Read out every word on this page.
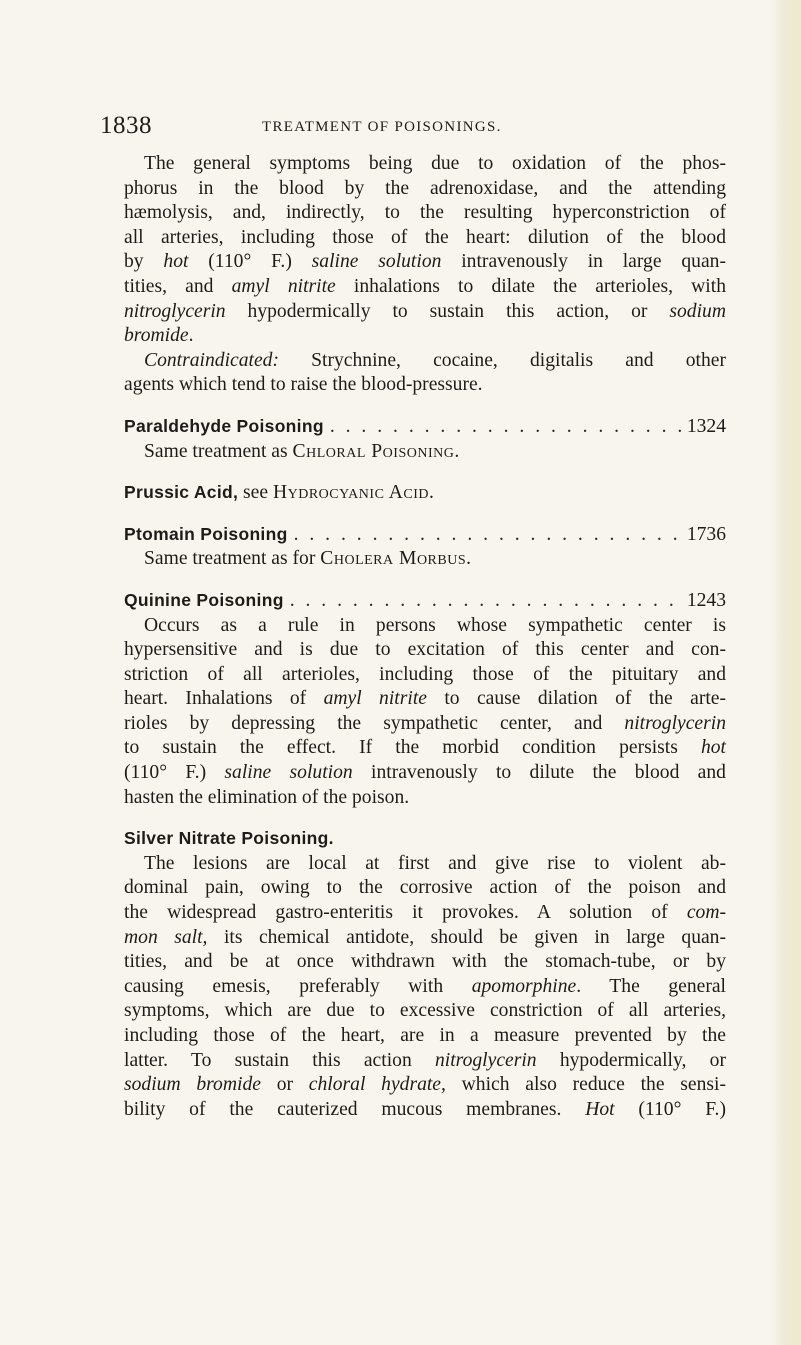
1838	TREATMENT OF POISONINGS.
The general symptoms being due to oxidation of the phos-
phorus in the blood by the adrenoxidase, and the attending
hæmolysis, and, indirectly, to the resulting hyperconstriction of
all arteries, including those of the heart: dilution of the blood
by hot (110° F.) saline solution intravenously in large quan-
tities, and amyl nitrite inhalations to dilate the arterioles, with
nitroglycerin hypodermically to sustain this action, or sodium
bromide.
Contraindicated: Strychnine, cocaine, digitalis and other
agents which tend to raise the blood-pressure.
Paraldehyde Poisoning . . .	1324
Same treatment as Chloral Poisoning.
Prussic Acid, see Hydrocyanic Acid.
Ptomain Poisoning . . .	1736
Same treatment as for Cholera Morbus.
Quinine Poisoning . . .	1243
Occurs as a rule in persons whose sympathetic center is
hypersensitive and is due to excitation of this center and con-
striction of all arterioles, including those of the pituitary and
heart. Inhalations of amyl nitrite to cause dilation of the arte-
rioles by depressing the sympathetic center, and nitroglycerin
to sustain the effect. If the morbid condition persists hot
(110° F.) saline solution intravenously to dilute the blood and
hasten the elimination of the poison.
Silver Nitrate Poisoning.
The lesions are local at first and give rise to violent ab-
dominal pain, owing to the corrosive action of the poison and
the widespread gastro-enteritis it provokes. A solution of com-
mon salt, its chemical antidote, should be given in large quan-
tities, and be at once withdrawn with the stomach-tube, or by
causing emesis, preferably with apomorphine. The general
symptoms, which are due to excessive constriction of all arteries,
including those of the heart, are in a measure prevented by the
latter. To sustain this action nitroglycerin hypodermically, or
sodium bromide or chloral hydrate, which also reduce the sensi-
bility of the cauterized mucous membranes. Hot (110° F.)
